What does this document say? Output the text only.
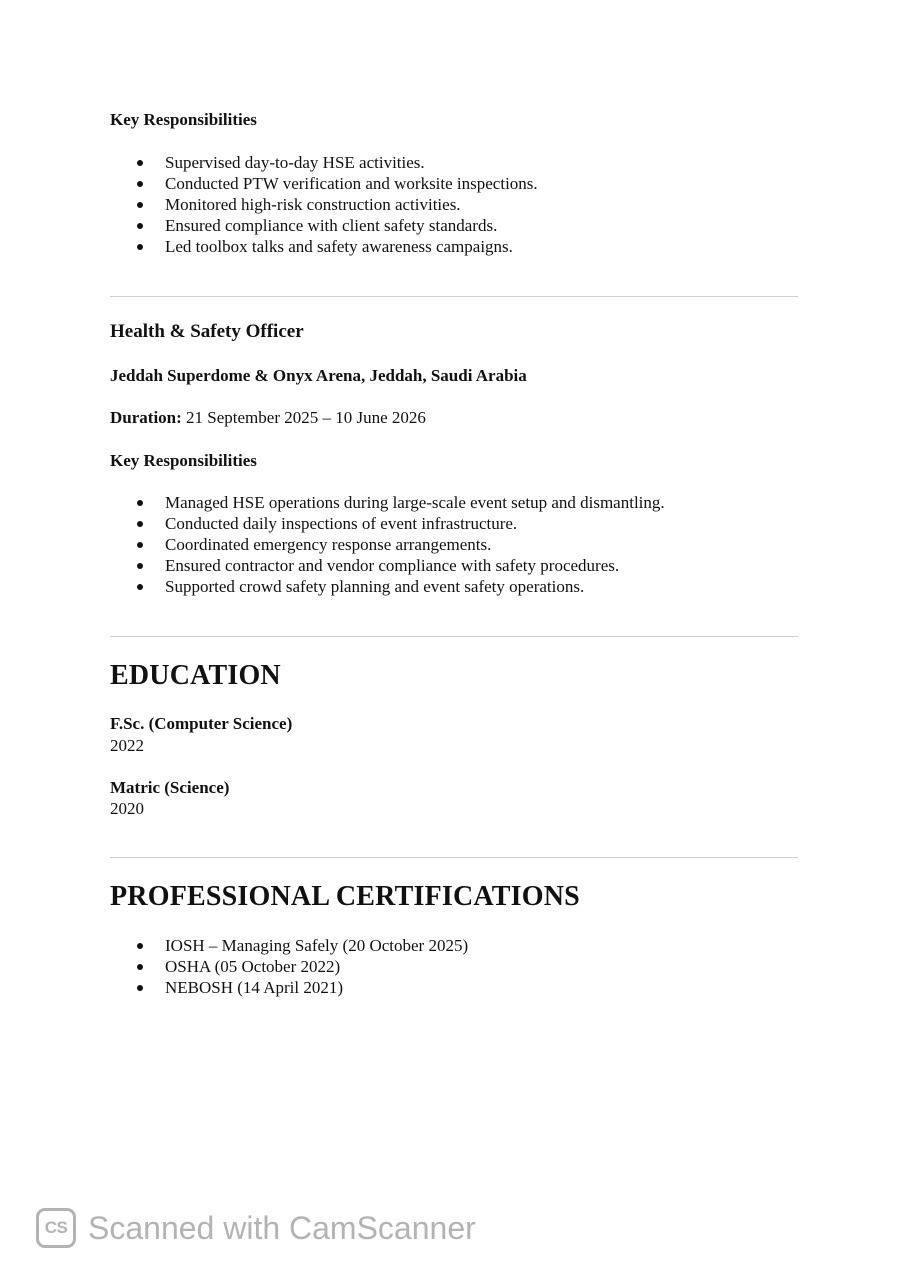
Key Responsibilities
Supervised day-to-day HSE activities.
Conducted PTW verification and worksite inspections.
Monitored high-risk construction activities.
Ensured compliance with client safety standards.
Led toolbox talks and safety awareness campaigns.
Health & Safety Officer
Jeddah Superdome & Onyx Arena, Jeddah, Saudi Arabia
Duration: 21 September 2025 – 10 June 2026
Key Responsibilities
Managed HSE operations during large-scale event setup and dismantling.
Conducted daily inspections of event infrastructure.
Coordinated emergency response arrangements.
Ensured contractor and vendor compliance with safety procedures.
Supported crowd safety planning and event safety operations.
EDUCATION
F.Sc. (Computer Science)
2022
Matric (Science)
2020
PROFESSIONAL CERTIFICATIONS
IOSH – Managing Safely (20 October 2025)
OSHA (05 October 2022)
NEBOSH (14 April 2021)
CS Scanned with CamScanner
